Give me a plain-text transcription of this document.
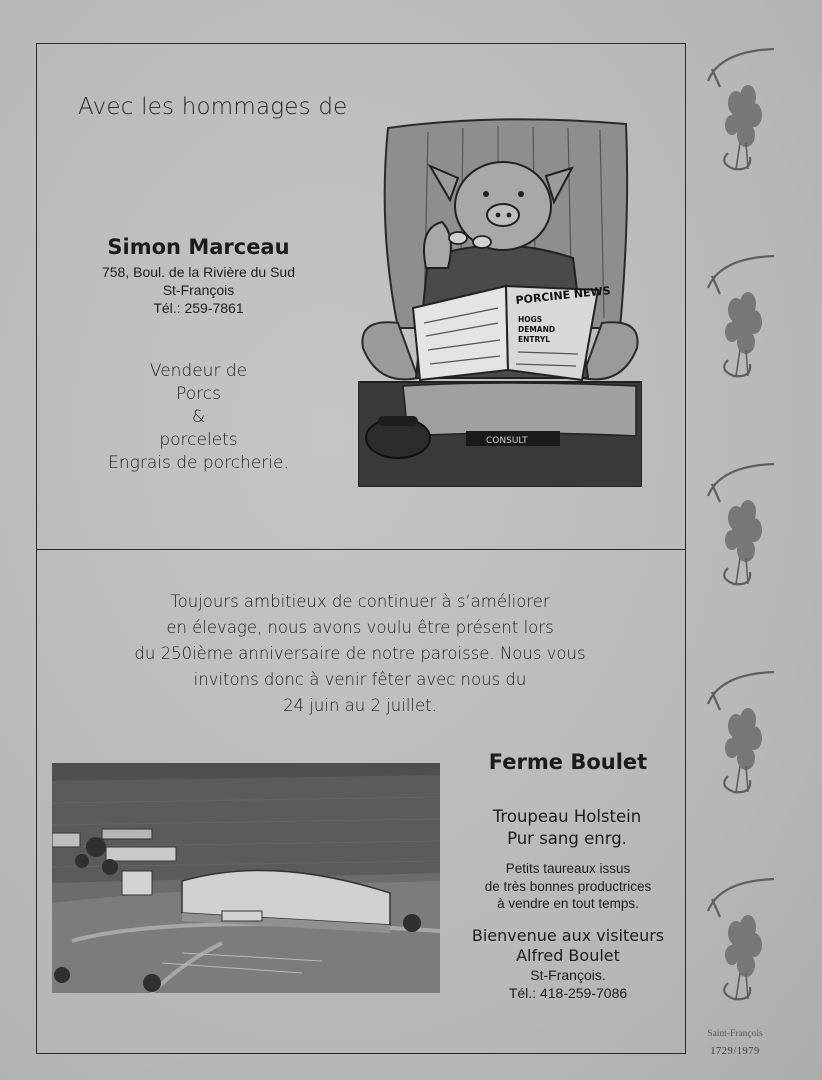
Avec les hommages de
Simon Marceau
758, Boul. de la Rivière du Sud
St-François
Tél.: 259-7861
Vendeur de
Porcs
&
porcelets
Engrais de porcherie.
PORCINE NEWS
HOGS
DEMAND
ENTRYL
CONSULT
Toujours ambitieux de continuer à s’améliorer
en élevage, nous avons voulu être présent lors
du 250ième anniversaire de notre paroisse. Nous vous
invitons donc à venir fêter avec nous du
24 juin au 2 juillet.
Ferme Boulet
Troupeau Holstein
Pur sang enrg.
Petits taureaux issus
de très bonnes productrices
à vendre en tout temps.
Bienvenue aux visiteurs
Alfred Boulet
St-François.
Tél.: 418-259-7086
Saint-François
1729/1979
